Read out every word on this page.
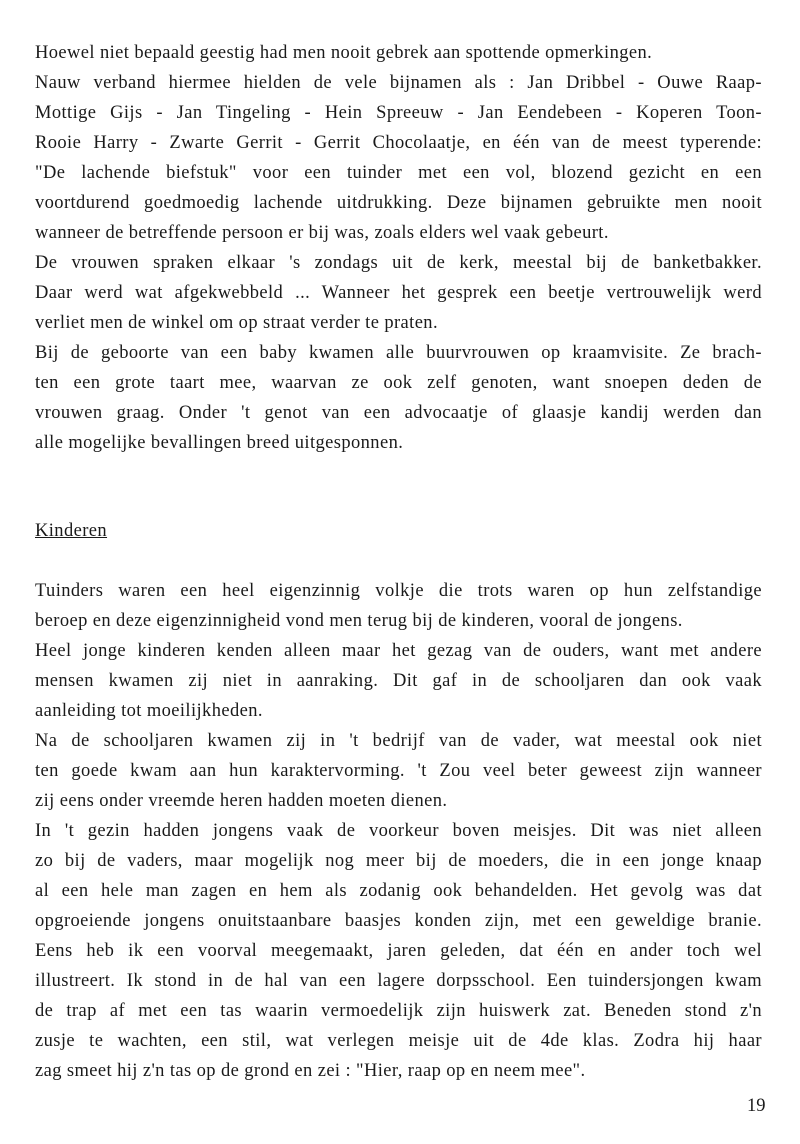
Hoewel niet bepaald geestig had men nooit gebrek aan spottende opmerkingen.
Nauw verband hiermee hielden de vele bijnamen als : Jan Dribbel - Ouwe Raap-
Mottige Gijs - Jan Tingeling - Hein Spreeuw - Jan Eendebeen - Koperen Toon-
Rooie Harry - Zwarte Gerrit - Gerrit Chocolaatje, en één van de meest typerende:
"De lachende biefstuk" voor een tuinder met een vol, blozend gezicht en een
voortdurend goedmoedig lachende uitdrukking. Deze bijnamen gebruikte men nooit
wanneer de betreffende persoon er bij was, zoals elders wel vaak gebeurt.
De vrouwen spraken elkaar 's zondags uit de kerk, meestal bij de banketbakker.
Daar werd wat afgekwebbeld ... Wanneer het gesprek een beetje vertrouwelijk werd
verliet men de winkel om op straat verder te praten.
Bij de geboorte van een baby kwamen alle buurvrouwen op kraamvisite. Ze brach-
ten een grote taart mee, waarvan ze ook zelf genoten, want snoepen deden de
vrouwen graag. Onder 't genot van een advocaatje of glaasje kandij werden dan
alle mogelijke bevallingen breed uitgesponnen.
Kinderen
Tuinders waren een heel eigenzinnig volkje die trots waren op hun zelfstandige
beroep en deze eigenzinnigheid vond men terug bij de kinderen, vooral de jongens.
Heel jonge kinderen kenden alleen maar het gezag van de ouders, want met andere
mensen kwamen zij niet in aanraking. Dit gaf in de schooljaren dan ook vaak
aanleiding tot moeilijkheden.
Na de schooljaren kwamen zij in 't bedrijf van de vader, wat meestal ook niet
ten goede kwam aan hun karaktervorming. 't Zou veel beter geweest zijn wanneer
zij eens onder vreemde heren hadden moeten dienen.
In 't gezin hadden jongens vaak de voorkeur boven meisjes. Dit was niet alleen
zo bij de vaders, maar mogelijk nog meer bij de moeders, die in een jonge knaap
al een hele man zagen en hem als zodanig ook behandelden. Het gevolg was dat
opgroeiende jongens onuitstaanbare baasjes konden zijn, met een geweldige branie.
Eens heb ik een voorval meegemaakt, jaren geleden, dat één en ander toch wel
illustreert. Ik stond in de hal van een lagere dorpsschool. Een tuindersjongen kwam
de trap af met een tas waarin vermoedelijk zijn huiswerk zat. Beneden stond z'n
zusje te wachten, een stil, wat verlegen meisje uit de 4de klas. Zodra hij haar
zag smeet hij z'n tas op de grond en zei : "Hier, raap op en neem mee".
19
